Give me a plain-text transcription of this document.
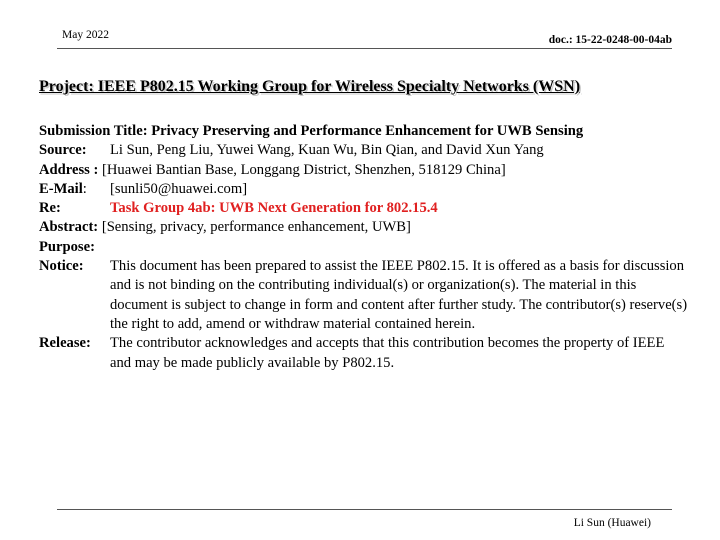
May 2022	doc.: 15-22-0248-00-04ab
Project: IEEE P802.15 Working Group for Wireless Specialty Networks (WSN)
Submission Title: Privacy Preserving and Performance Enhancement for UWB Sensing
Source: Li Sun, Peng Liu, Yuwei Wang, Kuan Wu, Bin Qian, and David Xun Yang
Address : [Huawei Bantian Base, Longgang District, Shenzhen, 518129 China]
E-Mail: [sunli50@huawei.com]
Re:	Task Group 4ab: UWB Next Generation for 802.15.4
Abstract: [Sensing, privacy, performance enhancement, UWB]
Purpose:
Notice:	This document has been prepared to assist the IEEE P802.15. It is offered as a basis for discussion and is not binding on the contributing individual(s) or organization(s). The material in this document is subject to change in form and content after further study. The contributor(s) reserve(s) the right to add, amend or withdraw material contained herein.
Release:	The contributor acknowledges and accepts that this contribution becomes the property of IEEE and may be made publicly available by P802.15.
Li Sun (Huawei)
